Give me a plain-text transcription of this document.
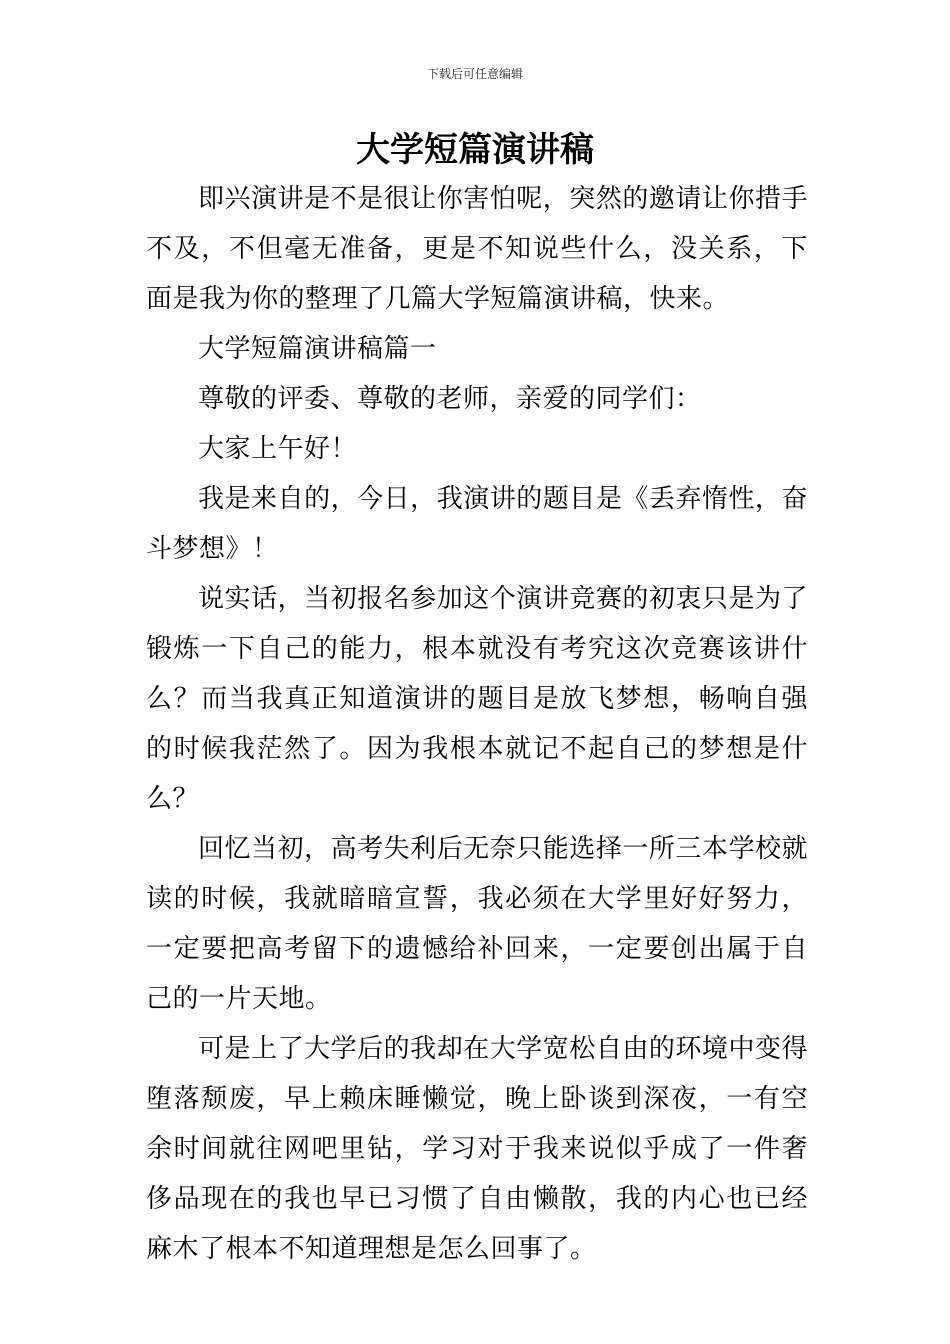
下载后可任意编辑
大学短篇演讲稿

即兴演讲是不是很让你害怕呢，突然的邀请让你措手不及，不但毫无准备，更是不知说些什么，没关系，下面是我为你的整理了几篇大学短篇演讲稿，快来。

大学短篇演讲稿篇一

尊敬的评委、尊敬的老师，亲爱的同学们：

大家上午好！

我是来自的，今日，我演讲的题目是《丢弃惰性，奋斗梦想》！

说实话，当初报名参加这个演讲竞赛的初衷只是为了锻炼一下自己的能力，根本就没有考究这次竞赛该讲什么？而当我真正知道演讲的题目是放飞梦想，畅响自强的时候我茫然了。因为我根本就记不起自己的梦想是什么？

回忆当初，高考失利后无奈只能选择一所三本学校就读的时候，我就暗暗宣誓，我必须在大学里好好努力，一定要把高考留下的遗憾给补回来，一定要创出属于自己的一片天地。

可是上了大学后的我却在大学宽松自由的环境中变得堕落颓废，早上赖床睡懒觉，晚上卧谈到深夜，一有空余时间就往网吧里钻，学习对于我来说似乎成了一件奢侈品现在的我也早已习惯了自由懒散，我的内心也已经麻木了根本不知道理想是怎么回事了。
